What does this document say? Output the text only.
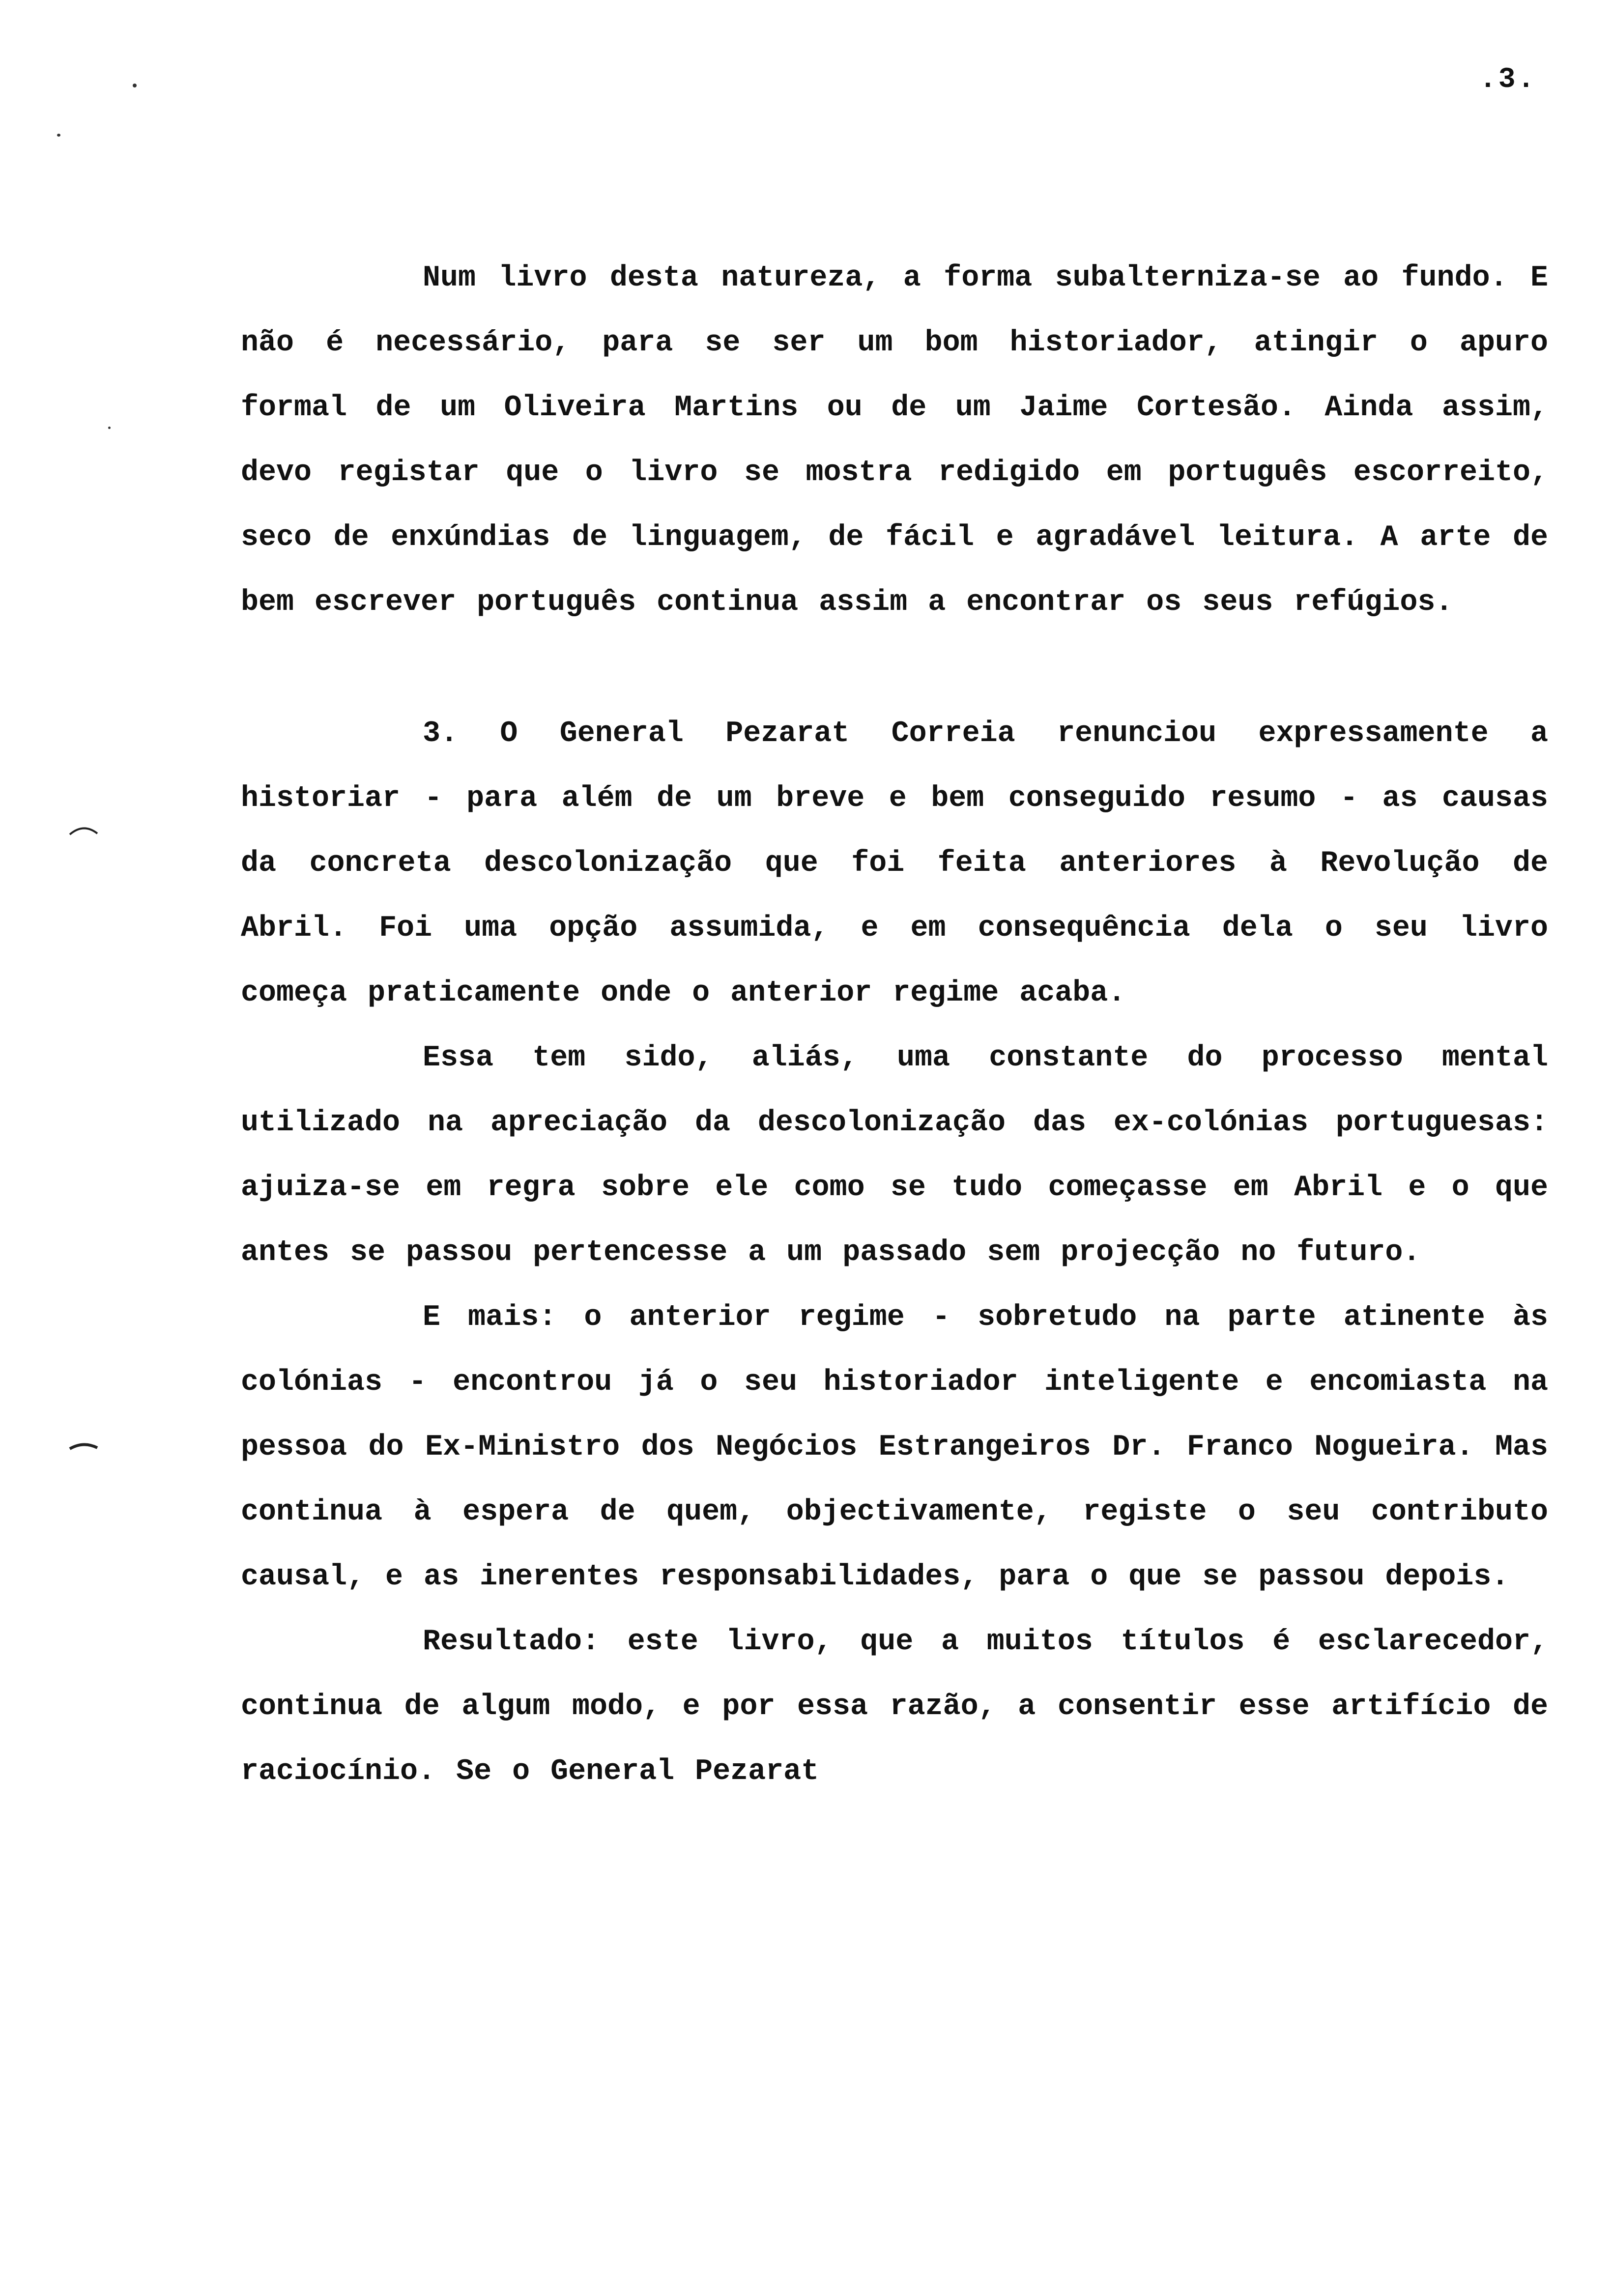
.3.

Num livro desta natureza, a forma subalterniza-se ao fundo. E não é necessário, para se ser um bom historiador, atingir o apuro formal de um Oliveira Martins ou de um Jaime Cortesão. Ainda assim, devo registar que o livro se mostra redigido em português escorreito, seco de enxúndias de linguagem, de fácil e agradável leitura. A arte de bem escrever português continua assim a encontrar os seus refúgios.

3. O General Pezarat Correia renunciou expressamente a historiar - para além de um breve e bem conseguido resumo - as causas da concreta descolonização que foi feita anteriores à Revolução de Abril. Foi uma opção assumida, e em consequência dela o seu livro começa praticamente onde o anterior regime acaba.

Essa tem sido, aliás, uma constante do processo mental utilizado na apreciação da descolonização das ex-colónias portuguesas: ajuiza-se em regra sobre ele como se tudo começasse em Abril e o que antes se passou pertencesse a um passado sem projecção no futuro.

E mais: o anterior regime - sobretudo na parte atinente às colónias - encontrou já o seu historiador inteligente e encomiasta na pessoa do Ex-Ministro dos Negócios Estrangeiros Dr. Franco Nogueira. Mas continua à espera de quem, objectivamente, registe o seu contributo causal, e as inerentes responsabilidades, para o que se passou depois.

Resultado: este livro, que a muitos títulos é esclarecedor, continua de algum modo, e por essa razão, a consentir esse artifício de raciocínio. Se o General Pezarat
